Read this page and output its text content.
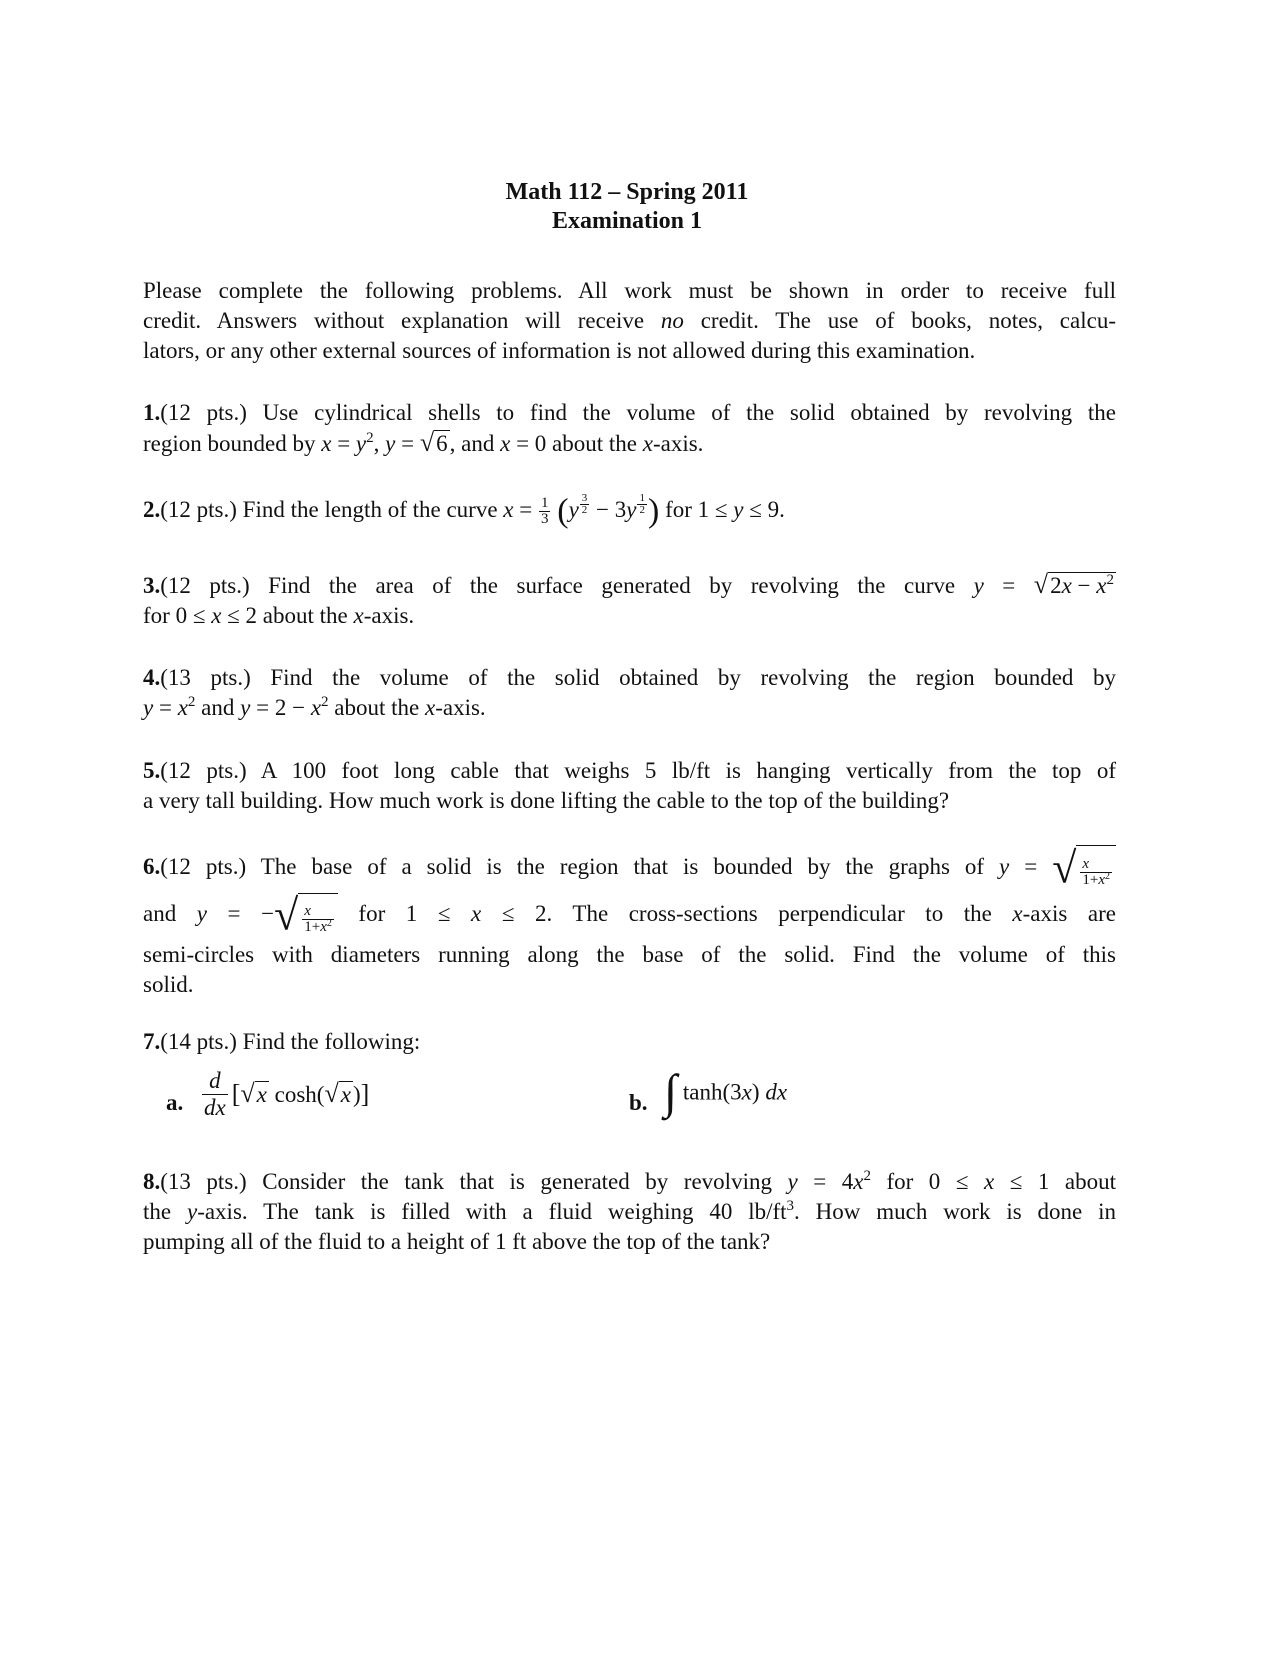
Math 112 – Spring 2011
Examination 1
Please complete the following problems. All work must be shown in order to receive full
credit. Answers without explanation will receive no credit. The use of books, notes, calcu-
lators, or any other external sources of information is not allowed during this examination.
1.(12 pts.) Use cylindrical shells to find the volume of the solid obtained by revolving the
region bounded by $x = y^2$, y = √6, and x = 0 about the x-axis.
2.(12 pts.) Find the length of the curve $x = \frac{1}{3} (y$ $^{\frac{3}{2}}$ − 3y $^{\frac{1}{2}}$ ) for 1 ≤ y ≤ 9.
3.(12 pts.) Find the area of the surface generated by revolving the curve $y = √2x - x^2$
for 0 ≤ x ≤ 2 about the x-axis.
4.(13 pts.) Find the volume of the solid obtained by revolving the region bounded by
$y = x^2$ and $y = 2 - x^2$ about the x-axis.
5.(12 pts.) A 100 foot long cable that weighs 5 lb/ft is hanging vertically from the top of
a very tall building. How much work is done lifting the cable to the top of the building?
6.(12 pts.) The base of a solid is the region that is bounded by the graphs of y = √ $\frac{x}{1+x^2}$
and y = −√ $\frac{x}{1+x^2}$ for 1 ≤ x ≤ 2. The cross-sections perpendicular to the x-axis are
semi-circles with diameters running along the base of the solid. Find the volume of this
solid.
7.(14 pts.) Find the following:
a. $\frac{d}{dx} [√x$ cosh(√x)]	b. ∫ tanh(3x) dx
8.(13 pts.) Consider the tank that is generated by revolving $y = 4x^2$ for 0 ≤ x ≤ 1 about
the y-axis. The tank is filled with a fluid weighing 40 $lb/ft^3$. How much work is done in
pumping all of the fluid to a height of 1 ft above the top of the tank?
